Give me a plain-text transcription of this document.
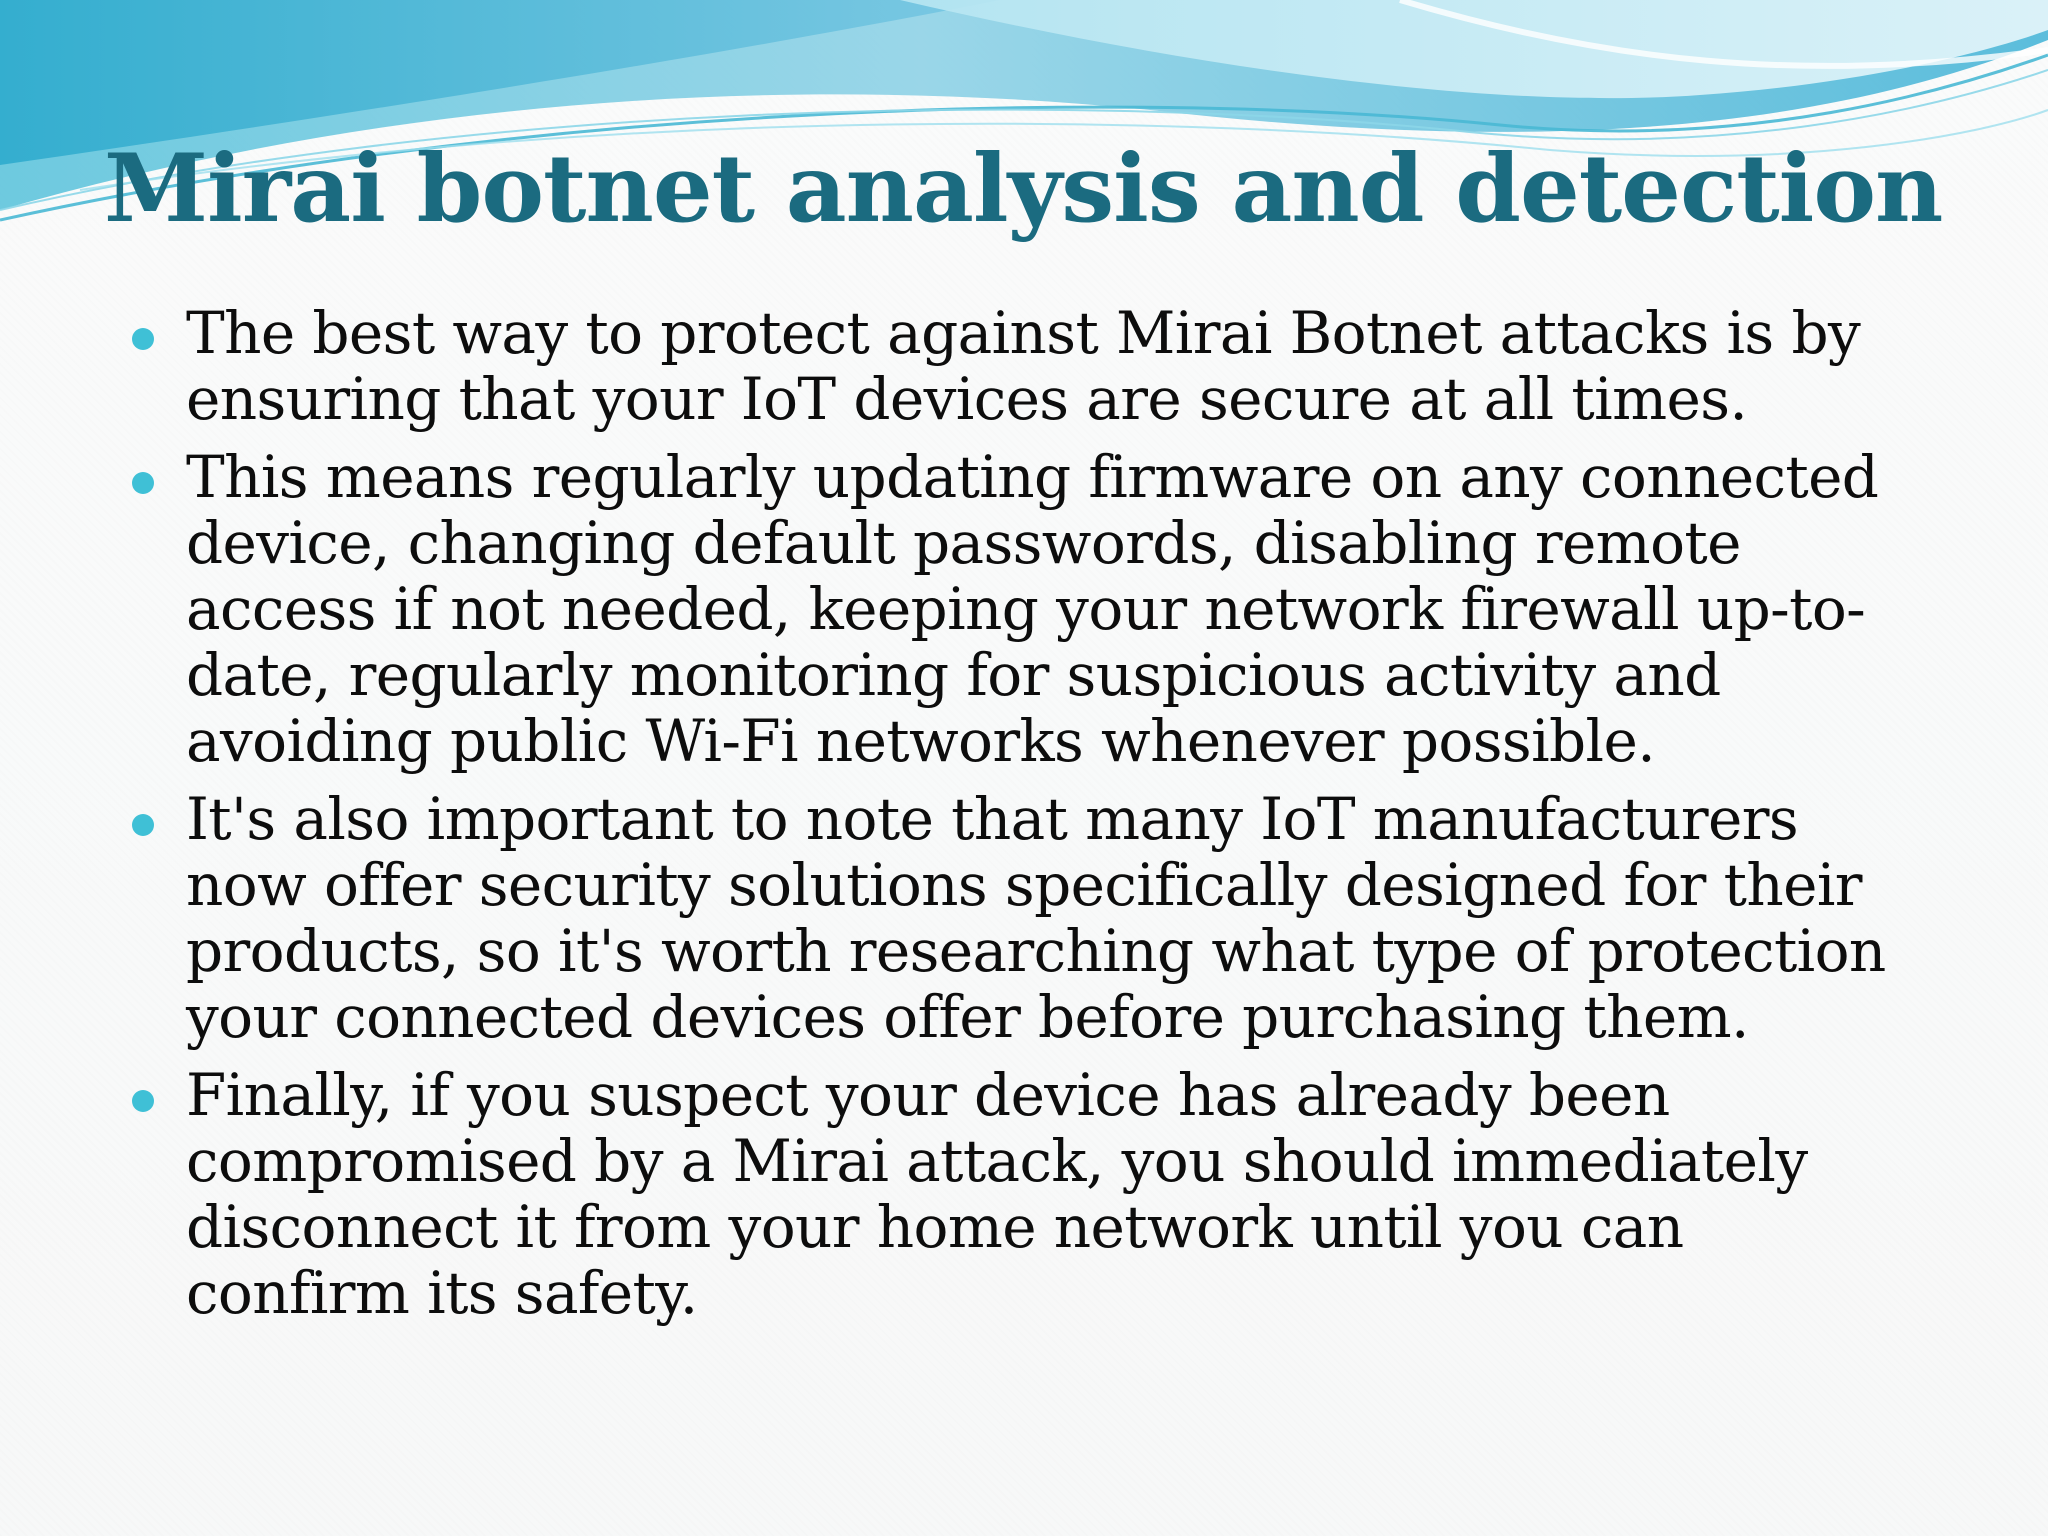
Mirai botnet analysis and detection
The best way to protect against Mirai Botnet attacks is by ensuring that your IoT devices are secure at all times.
This means regularly updating firmware on any connected device, changing default passwords, disabling remote access if not needed, keeping your network firewall up-to-date, regularly monitoring for suspicious activity and avoiding public Wi-Fi networks whenever possible.
It's also important to note that many IoT manufacturers now offer security solutions specifically designed for their products, so it's worth researching what type of protection your connected devices offer before purchasing them.
Finally, if you suspect your device has already been compromised by a Mirai attack, you should immediately disconnect it from your home network until you can confirm its safety.
